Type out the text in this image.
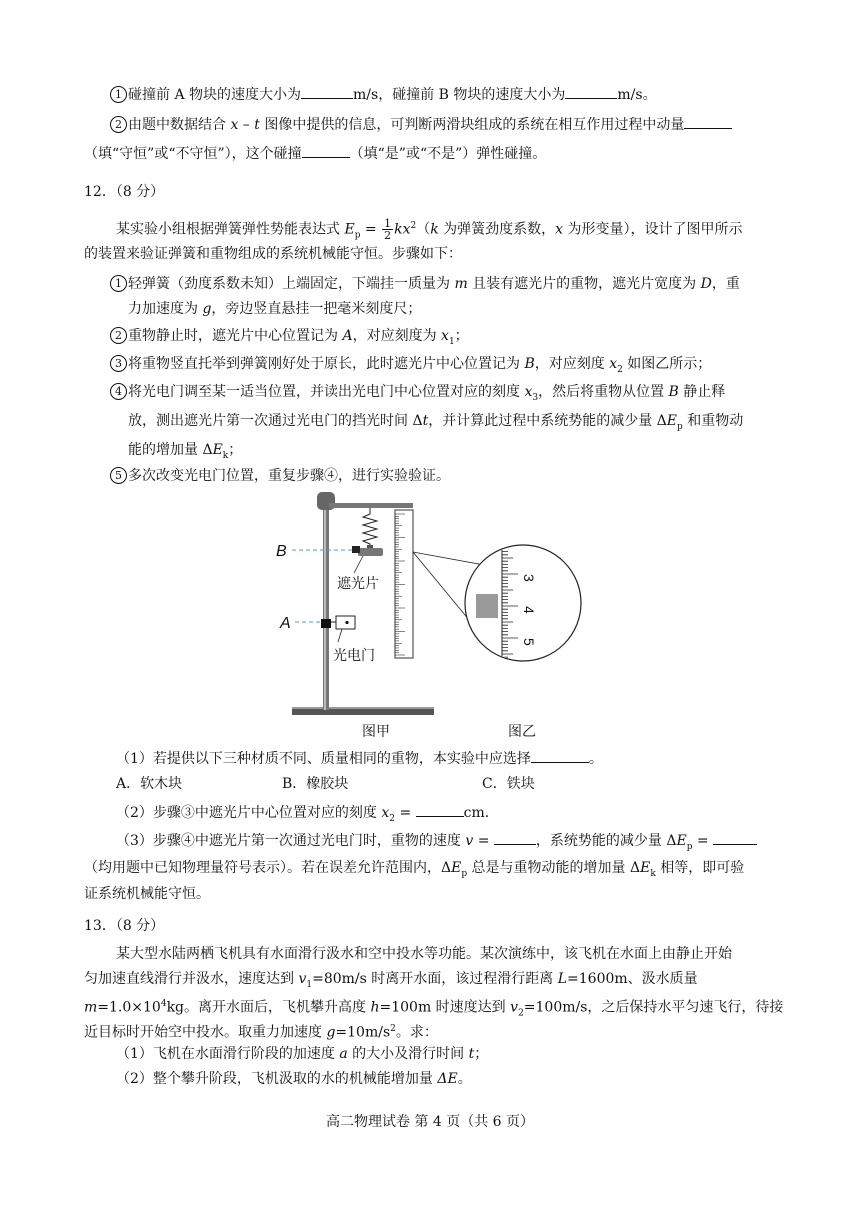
1 碰撞前 A 物块的速度大小为	m/s，碰撞前 B 物块的速度大小为	m/s。
2 由题中数据结合 x – t 图像中提供的信息，可判断两滑块组成的系统在相互作用过程中动量
（填“守恒”或“不守恒”），这个碰撞	（填“是”或“不是”）弹性碰撞。
12．（8 分）
某实验小组根据弹簧弹性势能表达式 $E_p = \frac{1}{2} kx^2(k$ 为弹簧劲度系数，x 为形变量），设计了图甲所示
的装置来验证弹簧和重物组成的系统机械能守恒。步骤如下：
1 轻弹簧（劲度系数未知）上端固定，下端挂一质量为 m 且装有遮光片的重物，遮光片宽度为 D，重
力加速度为 g，旁边竖直悬挂一把毫米刻度尺；
2 重物静止时，遮光片中心位置记为 A，对应刻度为 $x_1$；
3 将重物竖直托举到弹簧刚好处于原长，此时遮光片中心位置记为 B，对应刻度 $x_2$ 如图乙所示；
4 将光电门调至某一适当位置，并读出光电门中心位置对应的刻度 $x_3$，然后将重物从位置 B 静止释
放，测出遮光片第一次通过光电门的挡光时间 Δt，并计算此过程中系统势能的减少量 $\Delta E_p$ 和重物动
能的增加量 $\Delta E_k$；
5 多次改变光电门位置，重复步骤④，进行实验验证。
B
A
遮光片
光电门
3
4
5
图甲	图乙
（1）若提供以下三种材质不同、质量相同的重物，本实验中应选择	。
A．软木块	B．橡胶块	C．铁块
（2）步骤③中遮光片中心位置对应的刻度 $x_2$ =	cm.
（3）步骤④中遮光片第一次通过光电门时，重物的速度 v =	，系统势能的减少量 $\Delta E_p$ =
（均用题中已知物理量符号表示）。若在误差允许范围内，$\Delta E_p$ 总是与重物动能的增加量 $\Delta E_k$ 相等，即可验
证系统机械能守恒。
13．（8 分）
某大型水陆两栖飞机具有水面滑行汲水和空中投水等功能。某次演练中，该飞机在水面上由静止开始
匀加速直线滑行并汲水，速度达到 $v_1=80m/s$ 时离开水面，该过程滑行距离 L=1600m、汲水质量
$m=1.0\times 10^4kg$。离开水面后，飞机攀升高度 h=100m 时速度达到 $v_2=100m/s$，之后保持水平匀速飞行，待接
近目标时开始空中投水。取重力加速度 $g=10m/s^2$。求：
（1）飞机在水面滑行阶段的加速度 a 的大小及滑行时间 t；
（2）整个攀升阶段，飞机汲取的水的机械能增加量 ΔE。
高二物理试卷 第 4 页（共 6 页）
